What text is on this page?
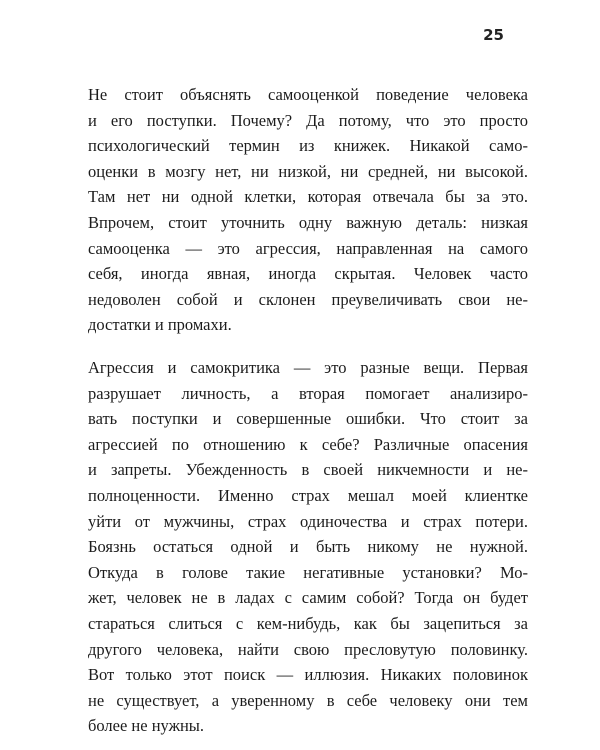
25
Не стоит объяснять самооценкой поведение человека
и его поступки. Почему? Да потому, что это просто
психологический термин из книжек. Никакой само-
оценки в мозгу нет, ни низкой, ни средней, ни высокой.
Там нет ни одной клетки, которая отвечала бы за это.
Впрочем, стоит уточнить одну важную деталь: низкая
самооценка — это агрессия, направленная на самого
себя, иногда явная, иногда скрытая. Человек часто
недоволен собой и склонен преувеличивать свои не-
достатки и промахи.
Агрессия и самокритика — это разные вещи. Первая
разрушает личность, а вторая помогает анализиро-
вать поступки и совершенные ошибки. Что стоит за
агрессией по отношению к себе? Различные опасения
и запреты. Убежденность в своей никчемности и не-
полноценности. Именно страх мешал моей клиентке
уйти от мужчины, страх одиночества и страх потери.
Боязнь остаться одной и быть никому не нужной.
Откуда в голове такие негативные установки? Мо-
жет, человек не в ладах с самим собой? Тогда он будет
стараться слиться с кем-нибудь, как бы зацепиться за
другого человека, найти свою пресловутую половинку.
Вот только этот поиск — иллюзия. Никаких половинок
не существует, а уверенному в себе человеку они тем
более не нужны.
